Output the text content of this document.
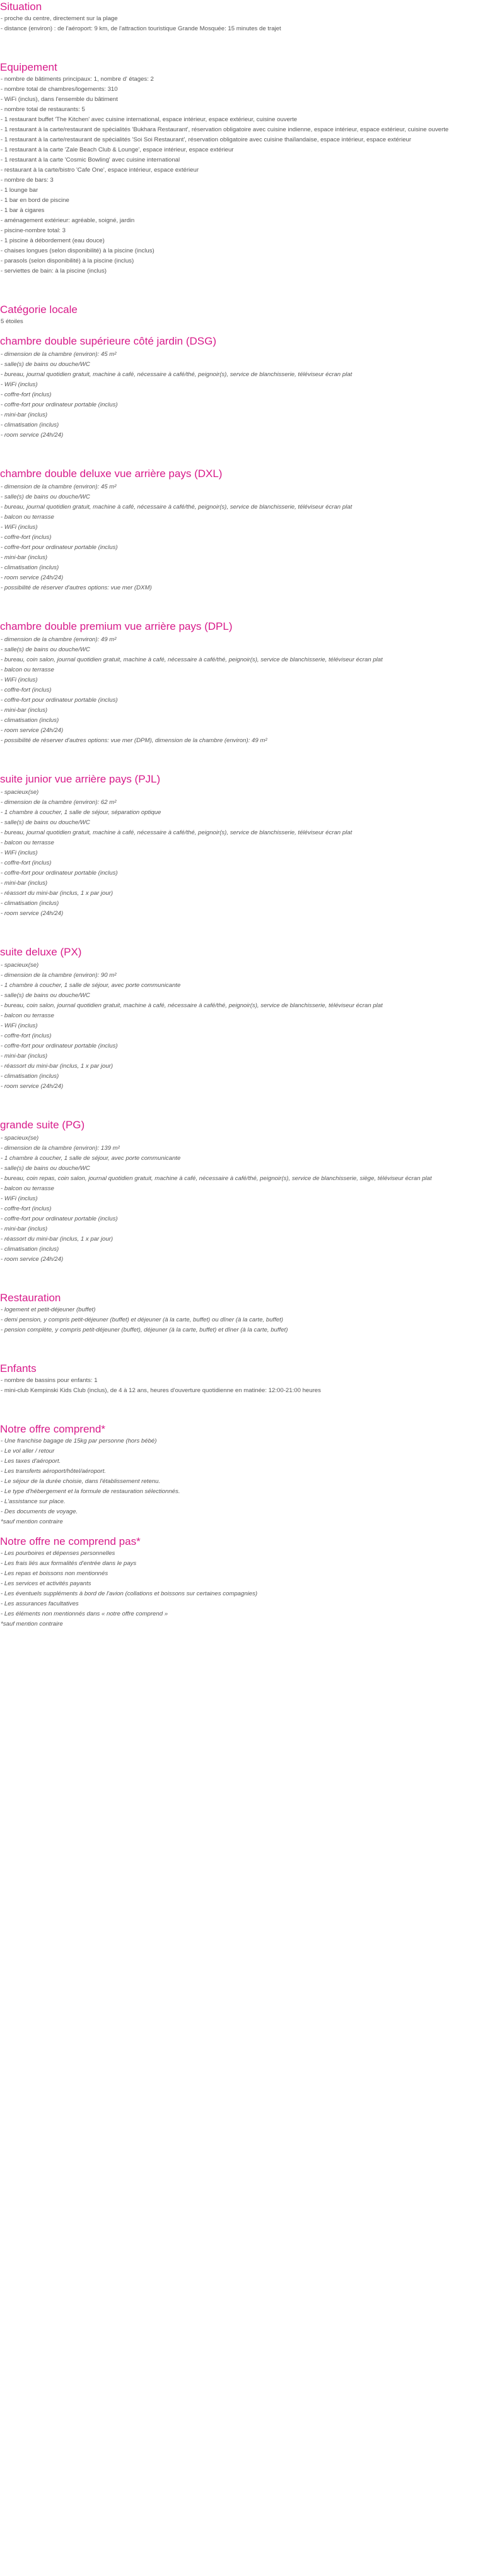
Situation
- proche du centre, directement sur la plage
- distance (environ) : de l'aéroport: 9 km, de l'attraction touristique Grande Mosquée: 15 minutes de trajet
Equipement
- nombre de bâtiments principaux: 1, nombre d' étages: 2
- nombre total de chambres/logements: 310
- WiFi (inclus), dans l'ensemble du bâtiment
- nombre total de restaurants: 5
- 1 restaurant buffet 'The Kitchen' avec cuisine international, espace intérieur, espace extérieur, cuisine ouverte
- 1 restaurant à la carte/restaurant de spécialités 'Bukhara Restaurant', réservation obligatoire avec cuisine indienne, espace intérieur, espace extérieur, cuisine ouverte
- 1 restaurant à la carte/restaurant de spécialités 'Soi Soi Restaurant', réservation obligatoire avec cuisine thaïlandaise, espace intérieur, espace extérieur
- 1 restaurant à la carte 'Zale Beach Club & Lounge', espace intérieur, espace extérieur
- 1 restaurant à la carte 'Cosmic Bowling' avec cuisine international
- restaurant à la carte/bistro 'Cafe One', espace intérieur, espace extérieur
- nombre de bars: 3
- 1 lounge bar
- 1 bar en bord de piscine
- 1 bar à cigares
- aménagement extérieur: agréable, soigné, jardin
- piscine-nombre total: 3
- 1 piscine à débordement (eau douce)
- chaises longues (selon disponibilité) à la piscine (inclus)
- parasols (selon disponibilité) à la piscine (inclus)
- serviettes de bain: à la piscine (inclus)
Catégorie locale
5 étoiles
chambre double supérieure côté jardin (DSG)
- dimension de la chambre (environ): 45 m²
- salle(s) de bains ou douche/WC
- bureau, journal quotidien gratuit, machine à café, nécessaire à café/thé, peignoir(s), service de blanchisserie, téléviseur écran plat
- WiFi (inclus)
- coffre-fort (inclus)
- coffre-fort pour ordinateur portable (inclus)
- mini-bar (inclus)
- climatisation (inclus)
- room service (24h/24)
chambre double deluxe vue arrière pays (DXL)
- dimension de la chambre (environ): 45 m²
- salle(s) de bains ou douche/WC
- bureau, journal quotidien gratuit, machine à café, nécessaire à café/thé, peignoir(s), service de blanchisserie, téléviseur écran plat
- balcon ou terrasse
- WiFi (inclus)
- coffre-fort (inclus)
- coffre-fort pour ordinateur portable (inclus)
- mini-bar (inclus)
- climatisation (inclus)
- room service (24h/24)
- possibilité de réserver d'autres options: vue mer (DXM)
chambre double premium vue arrière pays (DPL)
- dimension de la chambre (environ): 49 m²
- salle(s) de bains ou douche/WC
- bureau, coin salon, journal quotidien gratuit, machine à café, nécessaire à café/thé, peignoir(s), service de blanchisserie, téléviseur écran plat
- balcon ou terrasse
- WiFi (inclus)
- coffre-fort (inclus)
- coffre-fort pour ordinateur portable (inclus)
- mini-bar (inclus)
- climatisation (inclus)
- room service (24h/24)
- possibilité de réserver d'autres options: vue mer (DPM), dimension de la chambre (environ): 49 m²
suite junior vue arrière pays (PJL)
- spacieux(se)
- dimension de la chambre (environ): 62 m²
- 1 chambre à coucher, 1 salle de séjour, séparation optique
- salle(s) de bains ou douche/WC
- bureau, journal quotidien gratuit, machine à café, nécessaire à café/thé, peignoir(s), service de blanchisserie, téléviseur écran plat
- balcon ou terrasse
- WiFi (inclus)
- coffre-fort (inclus)
- coffre-fort pour ordinateur portable (inclus)
- mini-bar (inclus)
- réassort du mini-bar (inclus, 1 x par jour)
- climatisation (inclus)
- room service (24h/24)
suite deluxe (PX)
- spacieux(se)
- dimension de la chambre (environ): 90 m²
- 1 chambre à coucher, 1 salle de séjour, avec porte communicante
- salle(s) de bains ou douche/WC
- bureau, coin salon, journal quotidien gratuit, machine à café, nécessaire à café/thé, peignoir(s), service de blanchisserie, téléviseur écran plat
- balcon ou terrasse
- WiFi (inclus)
- coffre-fort (inclus)
- coffre-fort pour ordinateur portable (inclus)
- mini-bar (inclus)
- réassort du mini-bar (inclus, 1 x par jour)
- climatisation (inclus)
- room service (24h/24)
grande suite (PG)
- spacieux(se)
- dimension de la chambre (environ): 139 m²
- 1 chambre à coucher, 1 salle de séjour, avec porte communicante
- salle(s) de bains ou douche/WC
- bureau, coin repas, coin salon, journal quotidien gratuit, machine à café, nécessaire à café/thé, peignoir(s), service de blanchisserie, siège, téléviseur écran plat
- balcon ou terrasse
- WiFi (inclus)
- coffre-fort (inclus)
- coffre-fort pour ordinateur portable (inclus)
- mini-bar (inclus)
- réassort du mini-bar (inclus, 1 x par jour)
- climatisation (inclus)
- room service (24h/24)
Restauration
- logement et petit-déjeuner (buffet)
- demi pension, y compris petit-déjeuner (buffet) et déjeuner (à la carte, buffet) ou dîner (à la carte, buffet)
- pension complète, y compris petit-déjeuner (buffet), déjeuner (à la carte, buffet) et dîner (à la carte, buffet)
Enfants
- nombre de bassins pour enfants: 1
- mini-club Kempinski Kids Club (inclus), de 4 à 12 ans, heures d'ouverture quotidienne en matinée: 12:00-21:00 heures
Notre offre comprend*
- Une franchise bagage de 15kg par personne (hors bébé)
- Le vol aller / retour
- Les taxes d'aéroport.
- Les transferts aéroport/hôtel/aéroport.
- Le séjour de la durée choisie, dans l'établissement retenu.
- Le type d'hébergement et la formule de restauration sélectionnés.
- L'assistance sur place.
- Des documents de voyage.
*sauf mention contraire
Notre offre ne comprend pas*
- Les pourboires et dépenses personnelles
- Les frais liés aux formalités d'entrée dans le pays
- Les repas et boissons non mentionnés
- Les services et activités payants
- Les éventuels suppléments à bord de l'avion (collations et boissons sur certaines compagnies)
- Les assurances facultatives
- Les éléments non mentionnés dans « notre offre comprend »
*sauf mention contraire
